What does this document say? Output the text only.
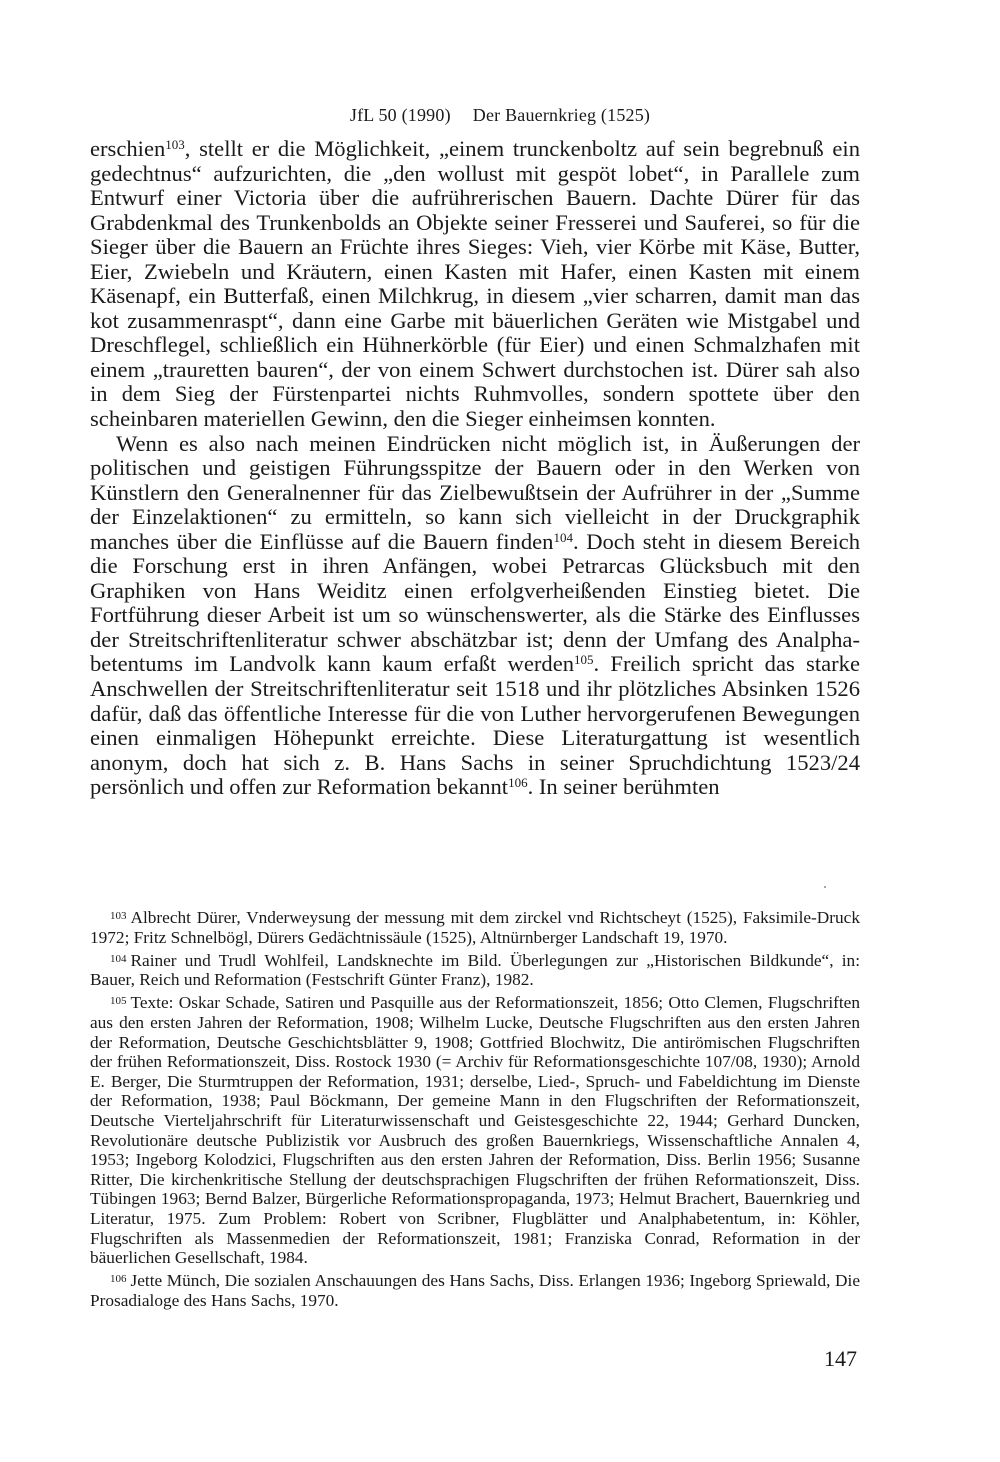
JfL 50 (1990) Der Bauernkrieg (1525)

erschien$^{103}$, stellt er die Möglichkeit, „einem trunckenboltz auf sein begrebnuß ein gedechtnus“ aufzurichten, die „den wollust mit gespöt lobet“, in Parallele zum Entwurf einer Victoria über die aufrührerischen Bauern. Dachte Dürer für das Grabdenkmal des Trunkenbolds an Objekte seiner Fresserei und Sauferei, so für die Sieger über die Bauern an Früchte ihres Sieges: Vieh, vier Körbe mit Käse, Butter, Eier, Zwiebeln und Kräutern, einen Kasten mit Hafer, einen Kasten mit einem Käsenapf, ein Butterfaß, einen Milchkrug, in diesem „vier scharren, damit man das kot zusammenraspt“, dann eine Garbe mit bäuerlichen Geräten wie Mistgabel und Dreschflegel, schließlich ein Hühnerkörble (für Eier) und einen Schmalzhafen mit einem „trauretten bauren“, der von einem Schwert durchstochen ist. Dürer sah also in dem Sieg der Fürstenpartei nichts Ruhmvolles, sondern spottete über den scheinbaren materiellen Gewinn, den die Sieger einheimsen konnten.

Wenn es also nach meinen Eindrücken nicht möglich ist, in Äußerungen der politischen und geistigen Führungsspitze der Bauern oder in den Werken von Künstlern den Generalnenner für das Zielbewußtsein der Aufrührer in der „Summe der Einzelaktionen“ zu ermitteln, so kann sich vielleicht in der Druckgraphik manches über die Einflüsse auf die Bauern finden$^{104}$. Doch steht in diesem Bereich die Forschung erst in ihren Anfängen, wobei Petrarcas Glücksbuch mit den Graphiken von Hans Weiditz einen erfolgverheißenden Einstieg bietet. Die Fortführung dieser Arbeit ist um so wünschenswerter, als die Stärke des Einflusses der Streitschriftenliteratur schwer abschätzbar ist; denn der Umfang des Analphabetentums im Landvolk kann kaum erfaßt werden$^{105}$. Freilich spricht das starke Anschwellen der Streitschriftenliteratur seit 1518 und ihr plötzliches Absinken 1526 dafür, daß das öffentliche Interesse für die von Luther hervorgerufenen Bewegungen einen einmaligen Höhepunkt erreichte. Diese Literaturgattung ist wesentlich anonym, doch hat sich z. B. Hans Sachs in seiner Spruchdichtung 1523/24 persönlich und offen zur Reformation bekannt$^{106}$. In seiner berühmten

$^{103}$ Albrecht Dürer, Vnderweysung der messung mit dem zirckel vnd Richtscheyt (1525), Faksimile-Druck 1972; Fritz Schnelbögl, Dürers Gedächtnissäule (1525), Altnürnberger Landschaft 19, 1970.

$^{104}$ Rainer und Trudl Wohlfeil, Landsknechte im Bild. Überlegungen zur „Historischen Bildkunde“, in: Bauer, Reich und Reformation (Festschrift Günter Franz), 1982.

$^{105}$ Texte: Oskar Schade, Satiren und Pasquille aus der Reformationszeit, 1856; Otto Clemen, Flugschriften aus den ersten Jahren der Reformation, 1908; Wilhelm Lucke, Deutsche Flugschriften aus den ersten Jahren der Reformation, Deutsche Geschichtsblätter 9, 1908; Gottfried Blochwitz, Die antirömischen Flugschriften der frühen Reformationszeit, Diss. Rostock 1930 (= Archiv für Reformationsgeschichte 107/08, 1930); Arnold E. Berger, Die Sturmtruppen der Reformation, 1931; derselbe, Lied-, Spruch- und Fabeldichtung im Dienste der Reformation, 1938; Paul Böckmann, Der gemeine Mann in den Flugschriften der Reformationszeit, Deutsche Vierteljahrschrift für Literaturwissenschaft und Geistesgeschichte 22, 1944; Gerhard Duncken, Revolutionäre deutsche Publizistik vor Ausbruch des großen Bauernkriegs, Wissenschaftliche Annalen 4, 1953; Ingeborg Kolodzici, Flugschriften aus den ersten Jahren der Reformation, Diss. Berlin 1956; Susanne Ritter, Die kirchenkritische Stellung der deutschsprachigen Flugschriften der frühen Reformationszeit, Diss. Tübingen 1963; Bernd Balzer, Bürgerliche Reformationspropaganda, 1973; Helmut Brachert, Bauernkrieg und Literatur, 1975. Zum Problem: Robert von Scribner, Flugblätter und Analphabetentum, in: Köhler, Flugschriften als Massenmedien der Reformationszeit, 1981; Franziska Conrad, Reformation in der bäuerlichen Gesellschaft, 1984.

$^{106}$ Jette Münch, Die sozialen Anschauungen des Hans Sachs, Diss. Erlangen 1936; Ingeborg Spriewald, Die Prosadialoge des Hans Sachs, 1970.

147
